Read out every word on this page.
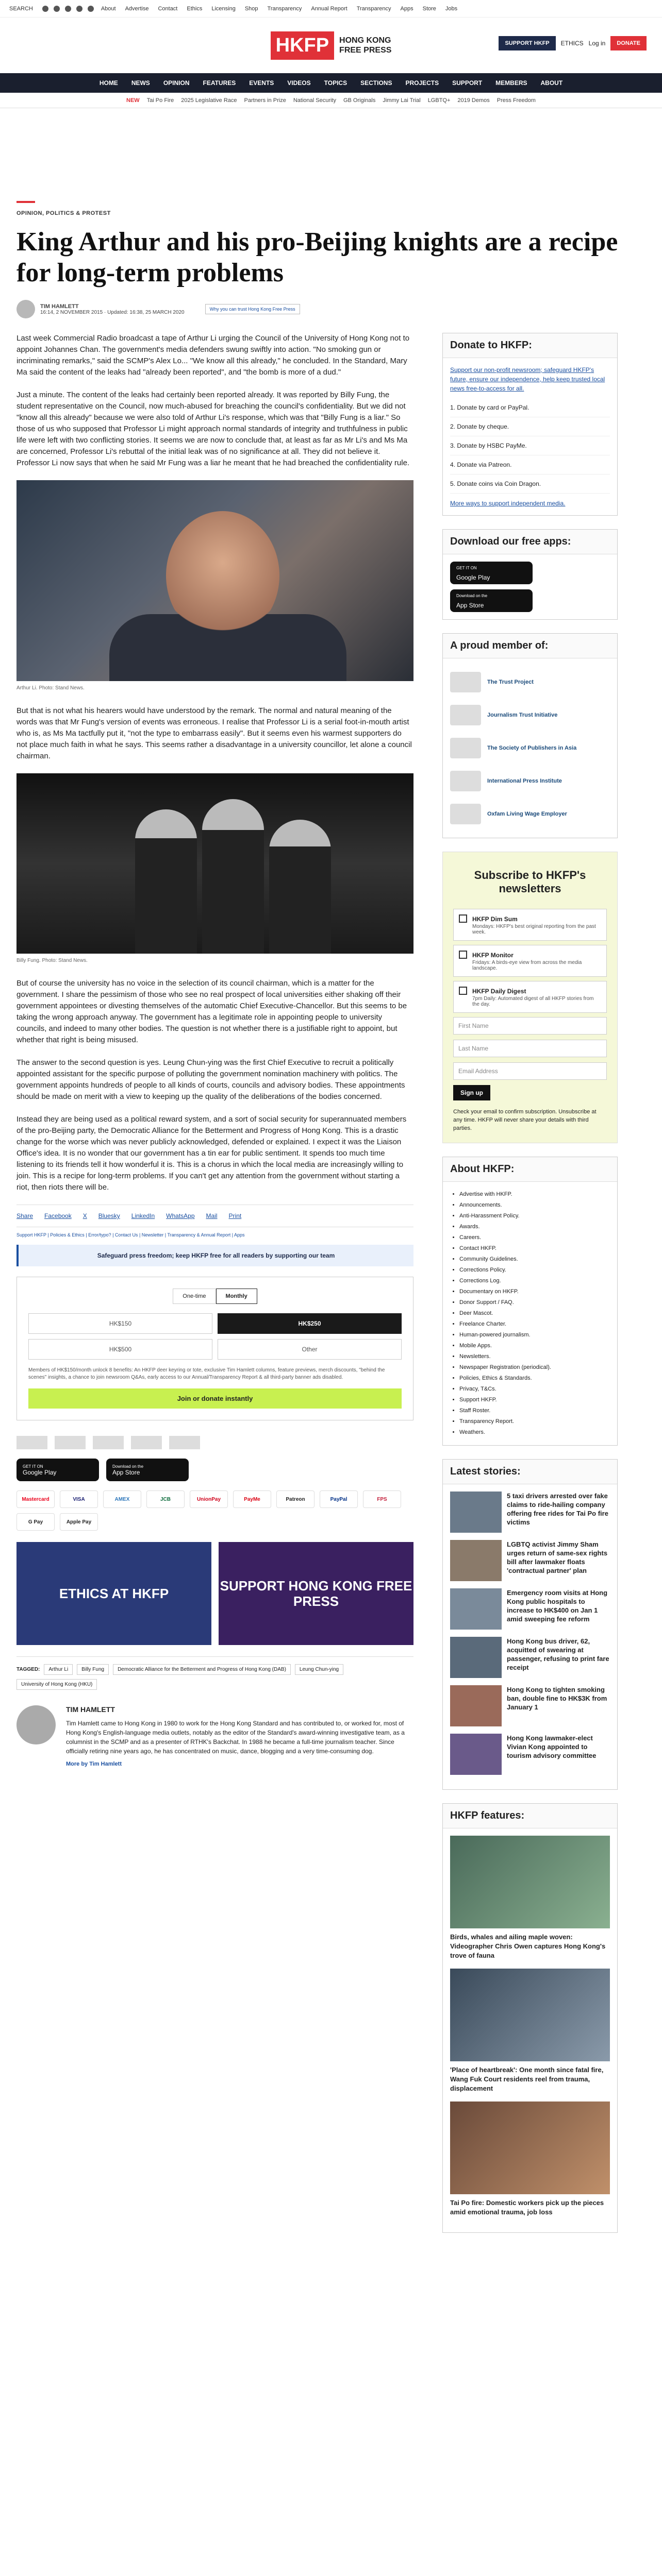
SEARCH	About Advertise Contact Ethics Licensing Shop Transparency Annual Report Transparency Apps Store Jobs
HKFP	HONG KONG
FREE PRESS
SUPPORT HKFP	ETHICS Log in	DONATE
HOME NEWS OPINION FEATURES EVENTS VIDEOS TOPICS SECTIONS PROJECTS SUPPORT MEMBERS ABOUT
NEW Tai Po Fire 2025 Legislative Race Partners in Prize National Security GB Originals Jimmy Lai Trial LGBTQ+ 2019 Demos Press Freedom
OPINION, POLITICS & PROTEST
King Arthur and his pro-Beijing knights are a recipe for long-term problems
TIM HAMLETT
16:14, 2 NOVEMBER 2015 · Updated: 16:38, 25 MARCH 2020
Why you can trust Hong Kong Free Press

Last week Commercial Radio broadcast a tape of Arthur Li urging the Council of the University of Hong Kong not to appoint Johannes Chan. The government's media defenders swung swiftly into action. "No smoking gun or incriminating remarks," said the SCMP's Alex Lo... "We know all this already," he concluded. In the Standard, Mary Ma said the content of the leaks had "already been reported", and "the bomb is more of a dud."

Just a minute. The content of the leaks had certainly been reported already. It was reported by Billy Fung, the student representative on the Council, now much-abused for breaching the council's confidentiality. But we did not "know all this already" because we were also told of Arthur Li's response, which was that "Billy Fung is a liar." So those of us who supposed that Professor Li might approach normal standards of integrity and truthfulness in public life were left with two conflicting stories. It seems we are now to conclude that, at least as far as Mr Li's and Ms Ma are concerned, Professor Li's rebuttal of the initial leak was of no significance at all. They did not believe it. Professor Li now says that when he said Mr Fung was a liar he meant that he had breached the confidentiality rule.

Arthur Li. Photo: Stand News.

But that is not what his hearers would have understood by the remark. The normal and natural meaning of the words was that Mr Fung's version of events was erroneous. I realise that Professor Li is a serial foot-in-mouth artist who is, as Ms Ma tactfully put it, "not the type to embarrass easily". But it seems even his warmest supporters do not place much faith in what he says. This seems rather a disadvantage in a university councillor, let alone a council chairman.

Billy Fung. Photo: Stand News.

But of course the university has no voice in the selection of its council chairman, which is a matter for the government. I share the pessimism of those who see no real prospect of local universities either shaking off their government appointees or divesting themselves of the automatic Chief Executive-Chancellor. But this seems to be taking the wrong approach anyway. The government has a legitimate role in appointing people to university councils, and indeed to many other bodies. The question is not whether there is a justifiable right to appoint, but whether that right is being misused.

The answer to the second question is yes. Leung Chun-ying was the first Chief Executive to recruit a politically appointed assistant for the specific purpose of polluting the government nomination machinery with politics. The government appoints hundreds of people to all kinds of courts, councils and advisory bodies. These appointments should be made on merit with a view to keeping up the quality of the deliberations of the bodies concerned.

Instead they are being used as a political reward system, and a sort of social security for superannuated members of the pro-Beijing party, the Democratic Alliance for the Betterment and Progress of Hong Kong. This is a drastic change for the worse which was never publicly acknowledged, defended or explained. I expect it was the Liaison Office's idea. It is no wonder that our government has a tin ear for public sentiment. It spends too much time listening to its friends tell it how wonderful it is. This is a chorus in which the local media are increasingly willing to join. This is a recipe for long-term problems. If you can't get any attention from the government without starting a riot, then riots there will be.

Share Facebook X Bluesky LinkedIn WhatsApp Mail Print
Support HKFP | Policies & Ethics | Error/typo? | Contact Us | Newsletter | Transparency & Annual Report | Apps
Safeguard press freedom; keep HKFP free for all readers by supporting our team
One-time	Monthly
HK$150	HK$250
HK$500	Other
Members of HK$150/month unlock 8 benefits: An HKFP deer keyring or tote, exclusive Tim Hamlett columns, feature previews, merch discounts, "behind the scenes" insights, a chance to join newsroom Q&As, early access to our Annual/Transparency Report & all third-party banner ads disabled.
Join or donate instantly
GET IT ON
Google Play
Download on the
App Store
Mastercard	VISA	AMEX	JCB	UnionPay	PayMe	Patreon	PayPal	FPS
G Pay	Apple Pay
ETHICS AT HKFP	SUPPORT HONG KONG FREE PRESS
TAGGED:	Arthur Li	Billy Fung	Democratic Alliance for the Betterment and Progress of Hong Kong (DAB)	Leung Chun-ying
University of Hong Kong (HKU)
TIM HAMLETT

Tim Hamlett came to Hong Kong in 1980 to work for the Hong Kong Standard and has contributed to, or worked for, most of Hong Kong's English-language media outlets, notably as the editor of the Standard's award-winning investigative team, as a columnist in the SCMP and as a presenter of RTHK's Backchat. In 1988 he became a full-time journalism teacher. Since officially retiring nine years ago, he has concentrated on music, dance, blogging and a very time-consuming dog.

More by Tim Hamlett
Donate to HKFP:

Support our non-profit newsroom; safeguard HKFP's future, ensure our independence, help keep trusted local news free-to-access for all.

1. Donate by card or PayPal.
2. Donate by cheque.
3. Donate by HSBC PayMe.
4. Donate via Patreon.
5. Donate coins via Coin Dragon.

More ways to support independent media.

Download our free apps:
GET IT ON
Google Play
Download on the
App Store
A proud member of:
The Trust Project
Journalism Trust Initiative
The Society of Publishers in Asia
International Press Institute
Oxfam Living Wage Employer
Subscribe to HKFP's newsletters
HKFP Dim Sum
Mondays: HKFP's best original reporting from the past week.
HKFP Monitor
Fridays: A birds-eye view from across the media landscape.
HKFP Daily Digest
7pm Daily: Automated digest of all HKFP stories from the day.
First Name
Last Name
Email Address
Sign up

Check your email to confirm subscription. Unsubscribe at any time. HKFP will never share your details with third parties.

About HKFP:
• Advertise with HKFP.
• Announcements.
• Anti-Harassment Policy.
• Awards.
• Careers.
• Contact HKFP.
• Community Guidelines.
• Corrections Policy.
• Corrections Log.
• Documentary on HKFP.
• Donor Support / FAQ.
• Deer Mascot.
• Freelance Charter.
• Human-powered journalism.
• Mobile Apps.
• Newsletters.
• Newspaper Registration (periodical).
• Policies, Ethics & Standards.
• Privacy, T&Cs.
• Support HKFP.
• Staff Roster.
• Transparency Report.
• Weathers.
Latest stories:
5 taxi drivers arrested over fake claims to ride-hailing company offering free rides for Tai Po fire victims
LGBTQ activist Jimmy Sham urges return of same-sex rights bill after lawmaker floats 'contractual partner' plan
Emergency room visits at Hong Kong public hospitals to increase to HK$400 on Jan 1 amid sweeping fee reform
Hong Kong bus driver, 62, acquitted of swearing at passenger, refusing to print fare receipt
Hong Kong to tighten smoking ban, double fine to HK$3K from January 1
Hong Kong lawmaker-elect Vivian Kong appointed to tourism advisory committee
HKFP features:
Birds, whales and ailing maple woven: Videographer Chris Owen captures Hong Kong's trove of fauna
'Place of heartbreak': One month since fatal fire, Wang Fuk Court residents reel from trauma, displacement
Tai Po fire: Domestic workers pick up the pieces amid emotional trauma, job loss
